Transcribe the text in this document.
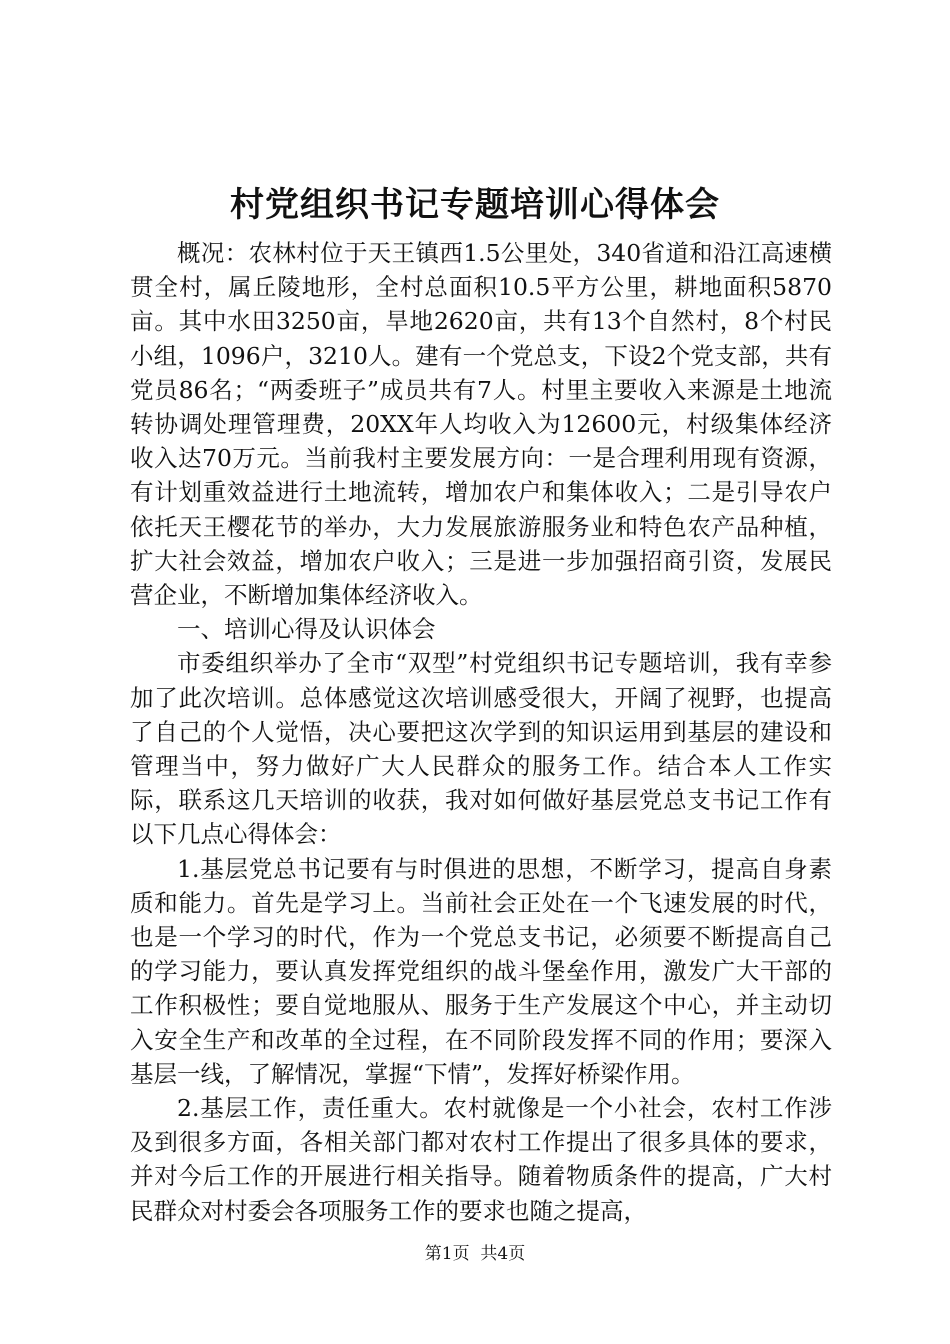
村党组织书记专题培训心得体会

概况：农林村位于天王镇西1.5公里处，340省道和沿江高速横贯全村，属丘陵地形，全村总面积10.5平方公里，耕地面积5870亩。其中水田3250亩，旱地2620亩，共有13个自然村，8个村民小组，1096户，3210人。建有一个党总支，下设2个党支部，共有党员86名；“两委班子”成员共有7人。村里主要收入来源是土地流转协调处理管理费，20XX年人均收入为12600元，村级集体经济收入达70万元。当前我村主要发展方向：一是合理利用现有资源，有计划重效益进行土地流转，增加农户和集体收入；二是引导农户依托天王樱花节的举办，大力发展旅游服务业和特色农产品种植，扩大社会效益，增加农户收入；三是进一步加强招商引资，发展民营企业，不断增加集体经济收入。

一、培训心得及认识体会

市委组织举办了全市“双型”村党组织书记专题培训，我有幸参加了此次培训。总体感觉这次培训感受很大，开阔了视野，也提高了自己的个人觉悟，决心要把这次学到的知识运用到基层的建设和管理当中，努力做好广大人民群众的服务工作。结合本人工作实际，联系这几天培训的收获，我对如何做好基层党总支书记工作有以下几点心得体会：

1.基层党总书记要有与时俱进的思想，不断学习，提高自身素质和能力。首先是学习上。当前社会正处在一个飞速发展的时代，也是一个学习的时代，作为一个党总支书记，必须要不断提高自己的学习能力，要认真发挥党组织的战斗堡垒作用，激发广大干部的工作积极性；要自觉地服从、服务于生产发展这个中心，并主动切入安全生产和改革的全过程，在不同阶段发挥不同的作用；要深入基层一线，了解情况，掌握“下情”，发挥好桥梁作用。

2.基层工作，责任重大。农村就像是一个小社会，农村工作涉及到很多方面，各相关部门都对农村工作提出了很多具体的要求，并对今后工作的开展进行相关指导。随着物质条件的提高，广大村民群众对村委会各项服务工作的要求也随之提高，

第1页 共4页
